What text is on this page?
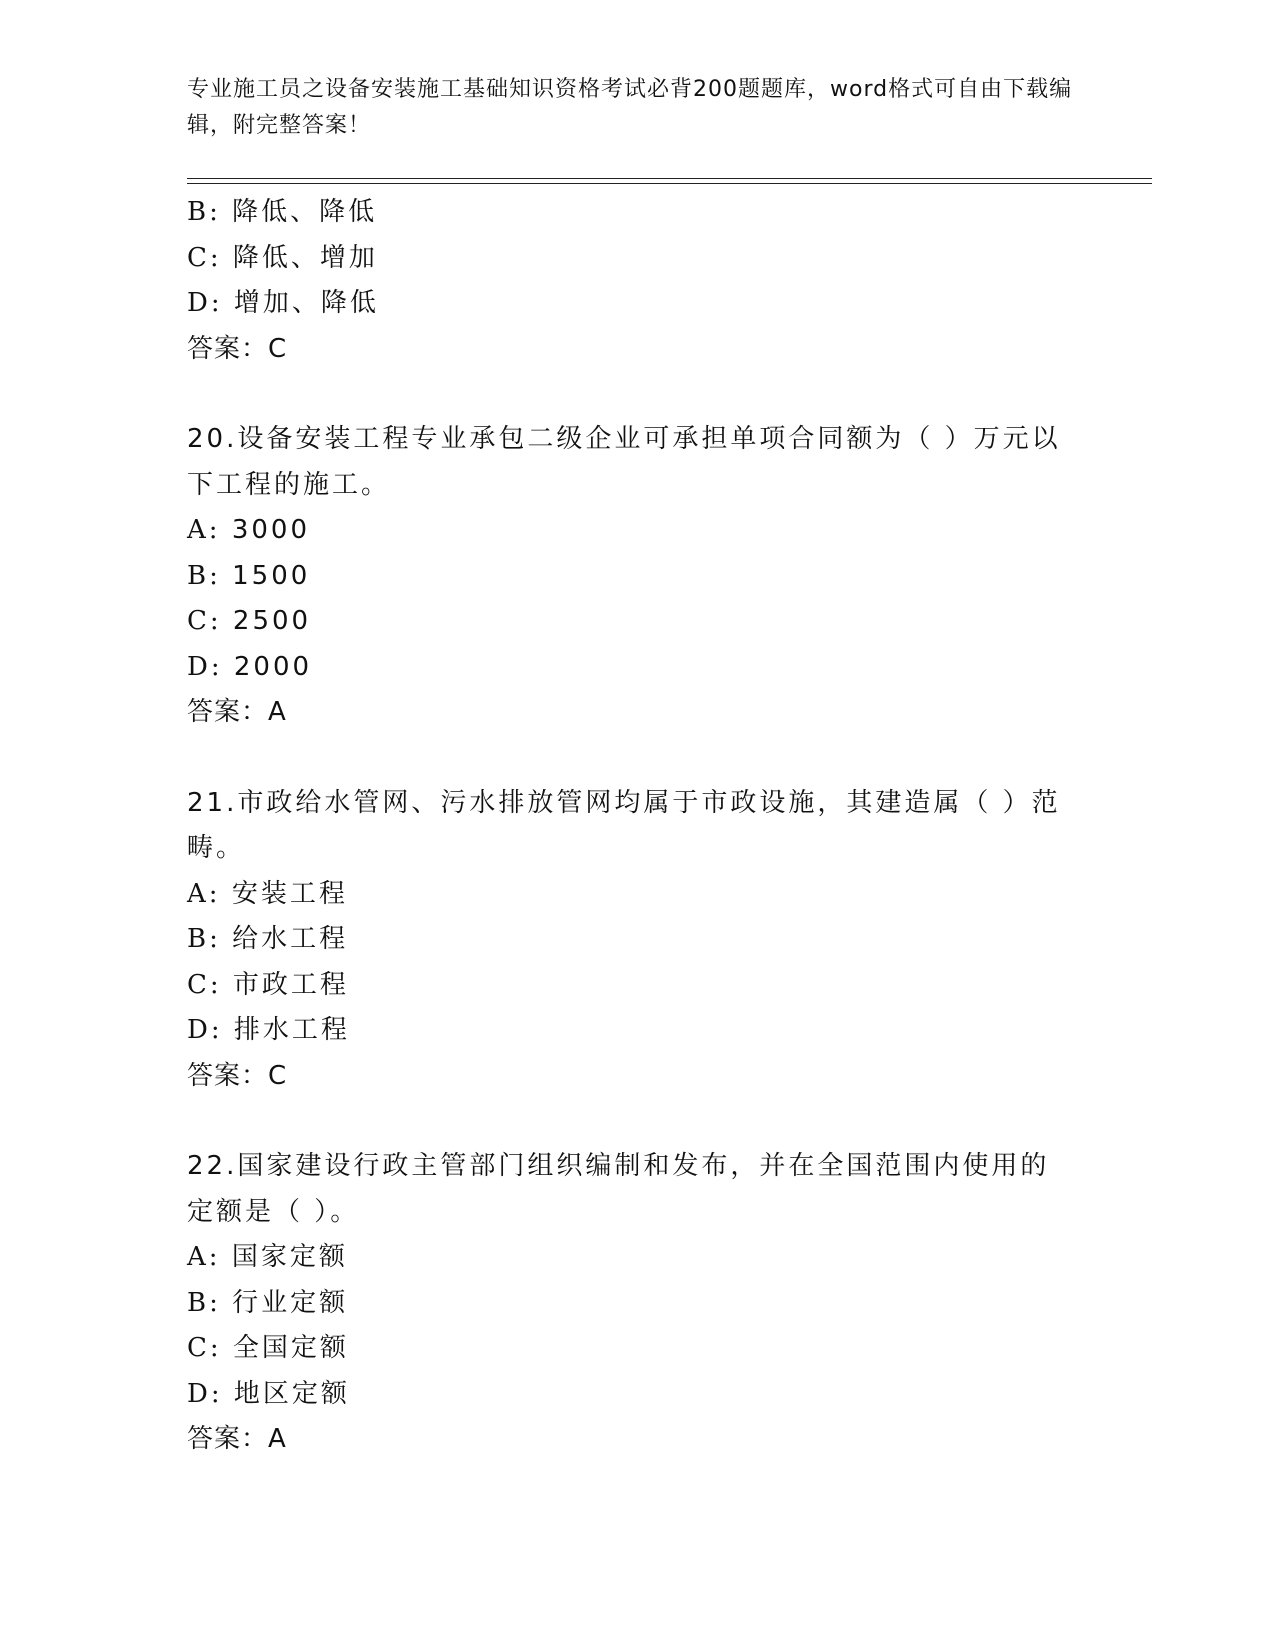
专业施工员之设备安装施工基础知识资格考试必背200题题库，word格式可自由下载编辑，附完整答案！
B: 降低、降低
C: 降低、增加
D: 增加、降低
答案：C
20.设备安装工程专业承包二级企业可承担单项合同额为（ ）万元以下工程的施工。
A: 3000
B: 1500
C: 2500
D: 2000
答案：A
21.市政给水管网、污水排放管网均属于市政设施，其建造属（ ）范畴。
A: 安装工程
B: 给水工程
C: 市政工程
D: 排水工程
答案：C
22.国家建设行政主管部门组织编制和发布，并在全国范围内使用的定额是（ ）。
A: 国家定额
B: 行业定额
C: 全国定额
D: 地区定额
答案：A
